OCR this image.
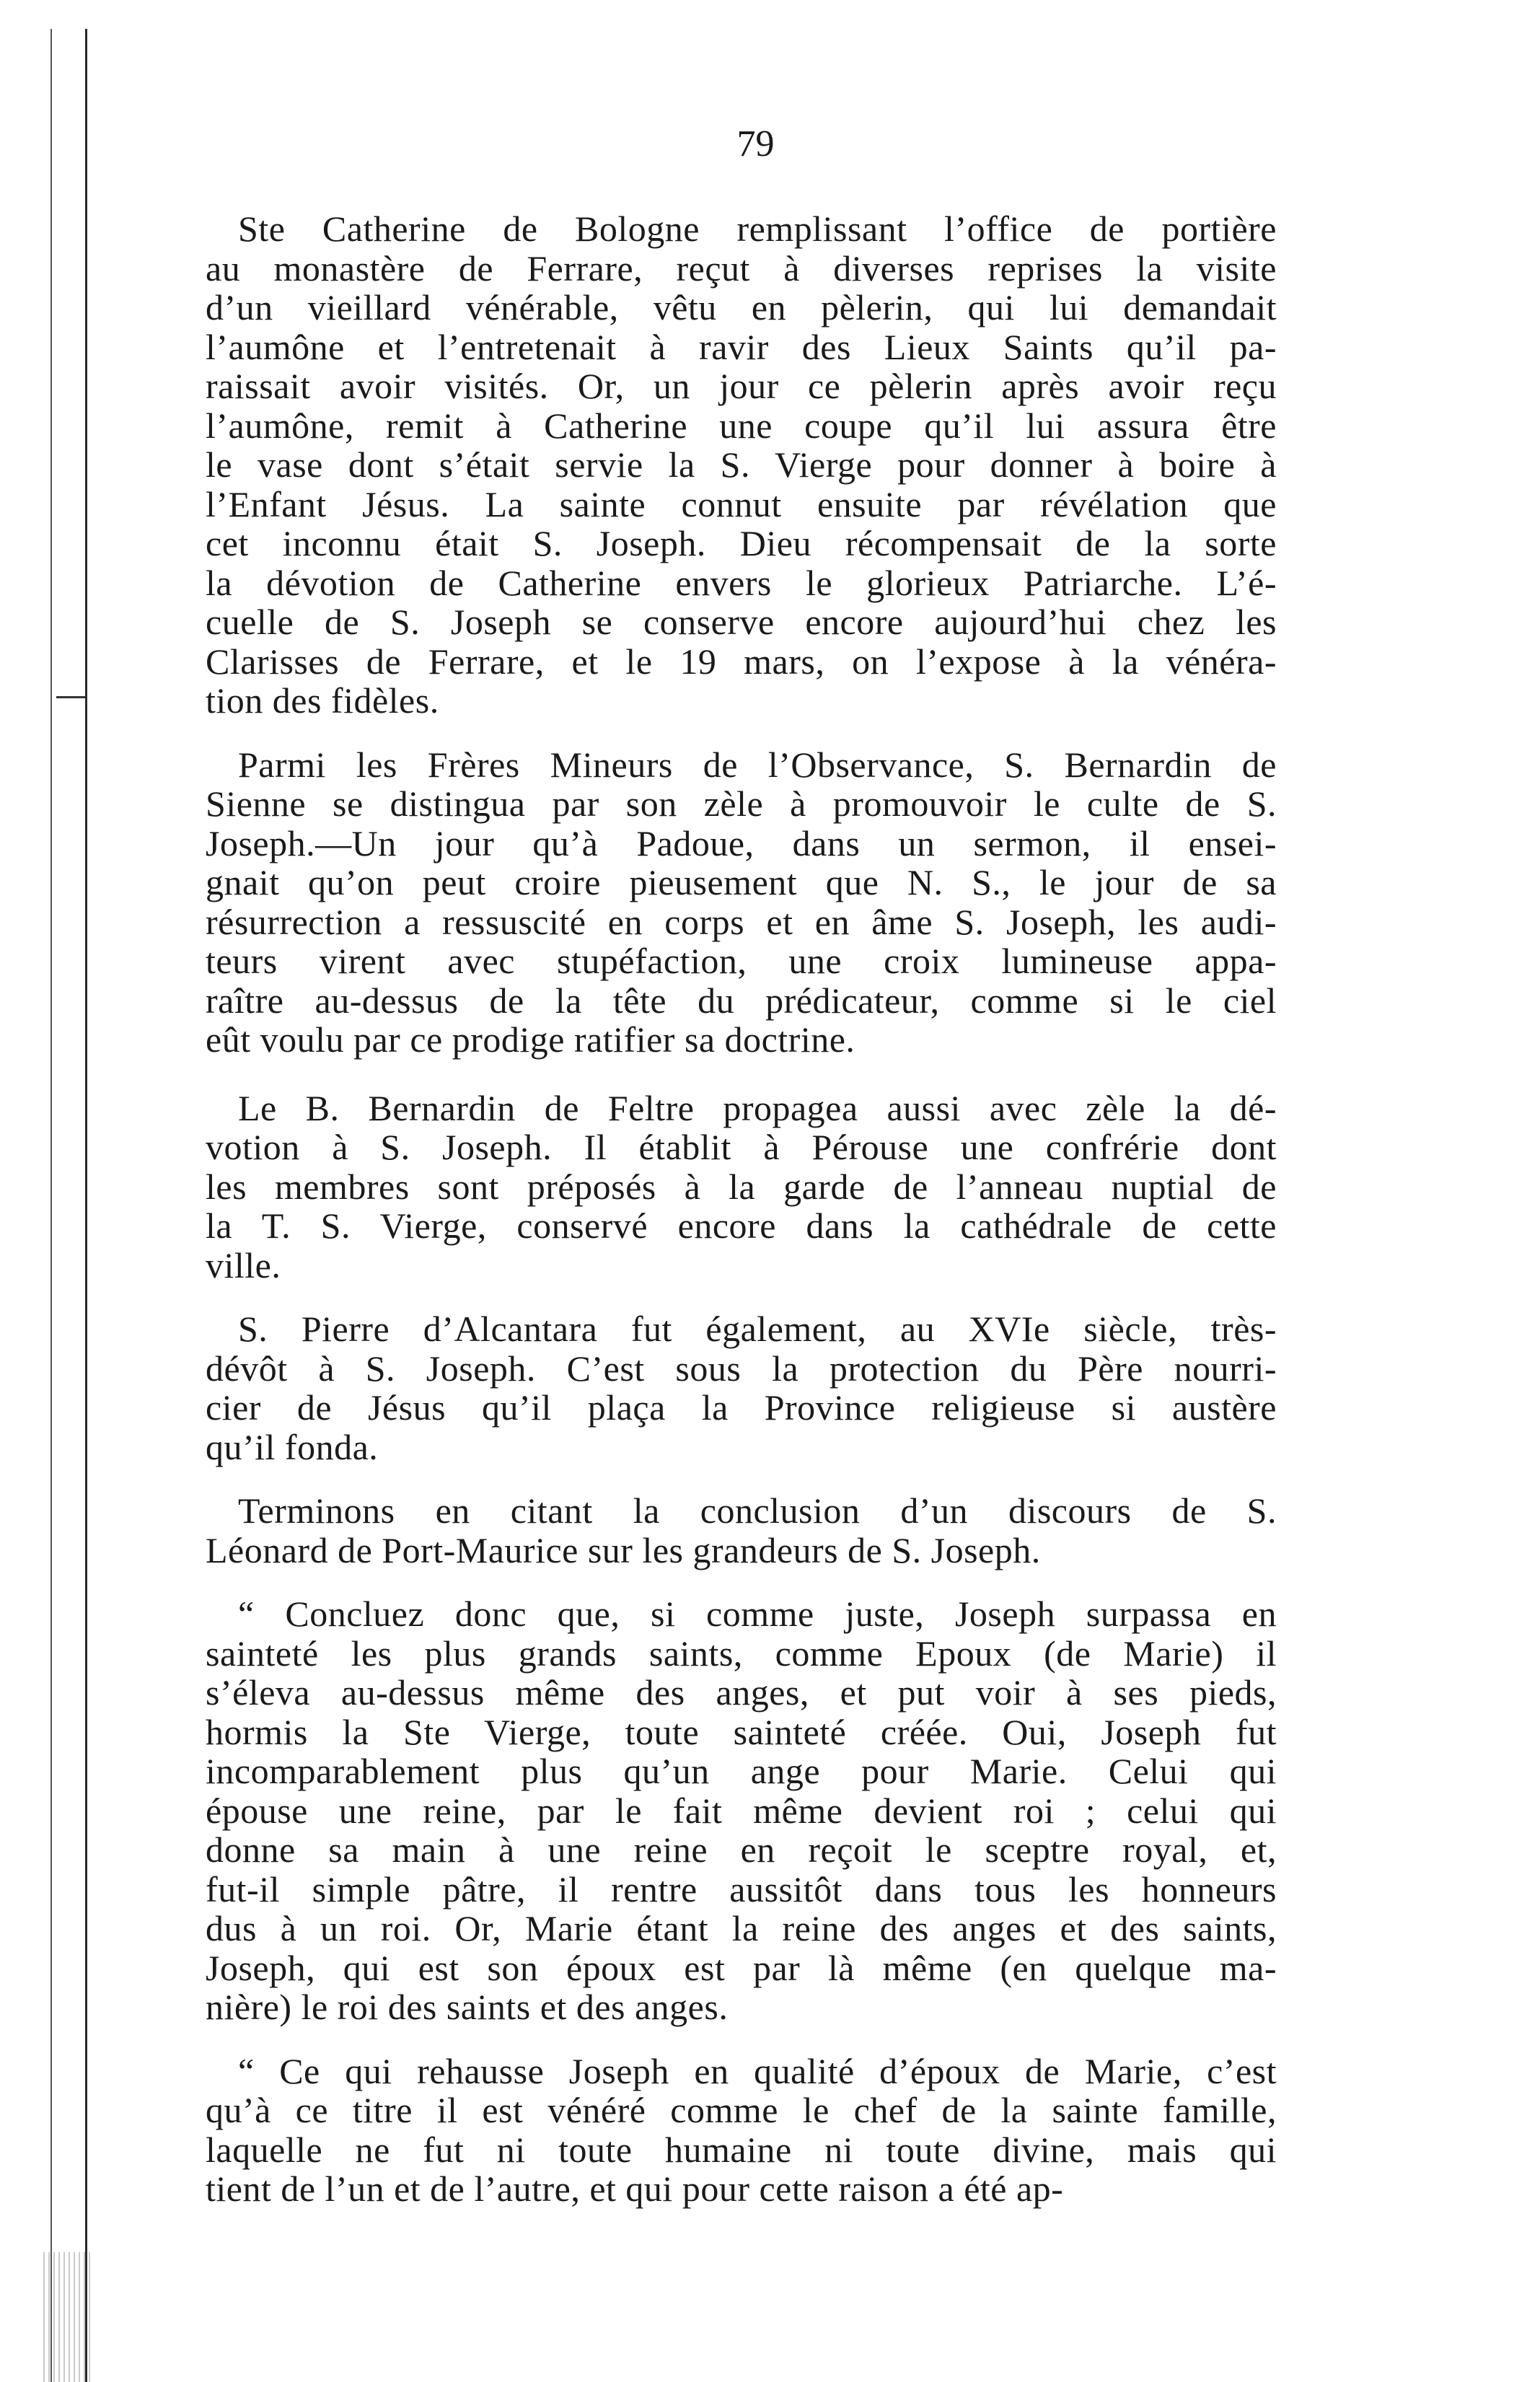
79
Ste Catherine de Bologne remplissant l’office de portière
au monastère de Ferrare, reçut à diverses reprises la visite
d’un vieillard vénérable, vêtu en pèlerin, qui lui demandait
l’aumône et l’entretenait à ravir des Lieux Saints qu’il pa-
raissait avoir visités. Or, un jour ce pèlerin après avoir reçu
l’aumône, remit à Catherine une coupe qu’il lui assura être
le vase dont s’était servie la S. Vierge pour donner à boire à
l’Enfant Jésus. La sainte connut ensuite par révélation que
cet inconnu était S. Joseph. Dieu récompensait de la sorte
la dévotion de Catherine envers le glorieux Patriarche. L’é-
cuelle de S. Joseph se conserve encore aujourd’hui chez les
Clarisses de Ferrare, et le 19 mars, on l’expose à la vénéra-
tion des fidèles.
Parmi les Frères Mineurs de l’Observance, S. Bernardin de
Sienne se distingua par son zèle à promouvoir le culte de S.
Joseph.—Un jour qu’à Padoue, dans un sermon, il ensei-
gnait qu’on peut croire pieusement que N. S., le jour de sa
résurrection a ressuscité en corps et en âme S. Joseph, les audi-
teurs virent avec stupéfaction, une croix lumineuse appa-
raître au-dessus de la tête du prédicateur, comme si le ciel
eût voulu par ce prodige ratifier sa doctrine.
Le B. Bernardin de Feltre propagea aussi avec zèle la dé-
votion à S. Joseph. Il établit à Pérouse une confrérie dont
les membres sont préposés à la garde de l’anneau nuptial de
la T. S. Vierge, conservé encore dans la cathédrale de cette
ville.
S. Pierre d’Alcantara fut également, au XVIe siècle, très-
dévôt à S. Joseph. C’est sous la protection du Père nourri-
cier de Jésus qu’il plaça la Province religieuse si austère
qu’il fonda.
Terminons en citant la conclusion d’un discours de S.
Léonard de Port-Maurice sur les grandeurs de S. Joseph.
“ Concluez donc que, si comme juste, Joseph surpassa en
sainteté les plus grands saints, comme Epoux (de Marie) il
s’éleva au-dessus même des anges, et put voir à ses pieds,
hormis la Ste Vierge, toute sainteté créée. Oui, Joseph fut
incomparablement plus qu’un ange pour Marie. Celui qui
épouse une reine, par le fait même devient roi ; celui qui
donne sa main à une reine en reçoit le sceptre royal, et,
fut-il simple pâtre, il rentre aussitôt dans tous les honneurs
dus à un roi. Or, Marie étant la reine des anges et des saints,
Joseph, qui est son époux est par là même (en quelque ma-
nière) le roi des saints et des anges.
“ Ce qui rehausse Joseph en qualité d’époux de Marie, c’est
qu’à ce titre il est vénéré comme le chef de la sainte famille,
laquelle ne fut ni toute humaine ni toute divine, mais qui
tient de l’un et de l’autre, et qui pour cette raison a été ap-
